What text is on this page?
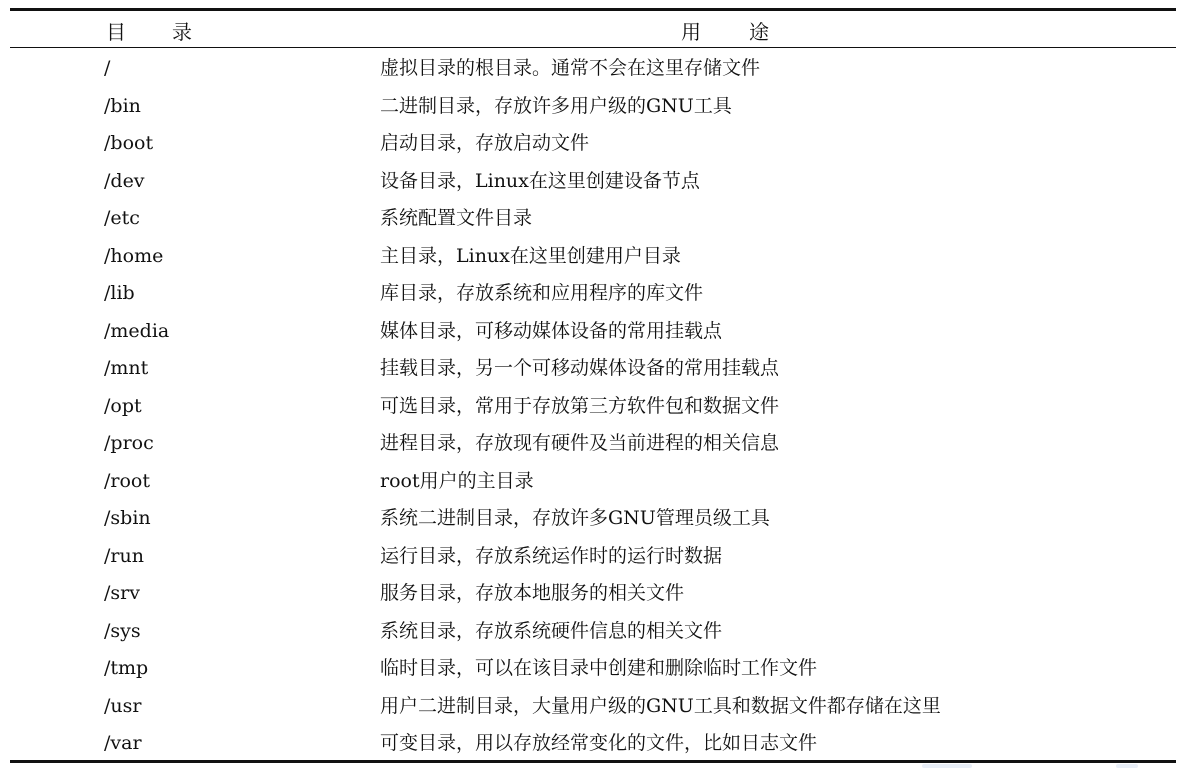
目录	用途
/	虚拟目录的根目录。通常不会在这里存储文件
/bin	二进制目录，存放许多用户级的GNU工具
/boot	启动目录，存放启动文件
/dev	设备目录，Linux在这里创建设备节点
/etc	系统配置文件目录
/home	主目录，Linux在这里创建用户目录
/lib	库目录，存放系统和应用程序的库文件
/media	媒体目录，可移动媒体设备的常用挂载点
/mnt	挂载目录，另一个可移动媒体设备的常用挂载点
/opt	可选目录，常用于存放第三方软件包和数据文件
/proc	进程目录，存放现有硬件及当前进程的相关信息
/root	root用户的主目录
/sbin	系统二进制目录，存放许多GNU管理员级工具
/run	运行目录，存放系统运作时的运行时数据
/srv	服务目录，存放本地服务的相关文件
/sys	系统目录，存放系统硬件信息的相关文件
/tmp	临时目录，可以在该目录中创建和删除临时工作文件
/usr	用户二进制目录，大量用户级的GNU工具和数据文件都存储在这里
/var	可变目录，用以存放经常变化的文件，比如日志文件
